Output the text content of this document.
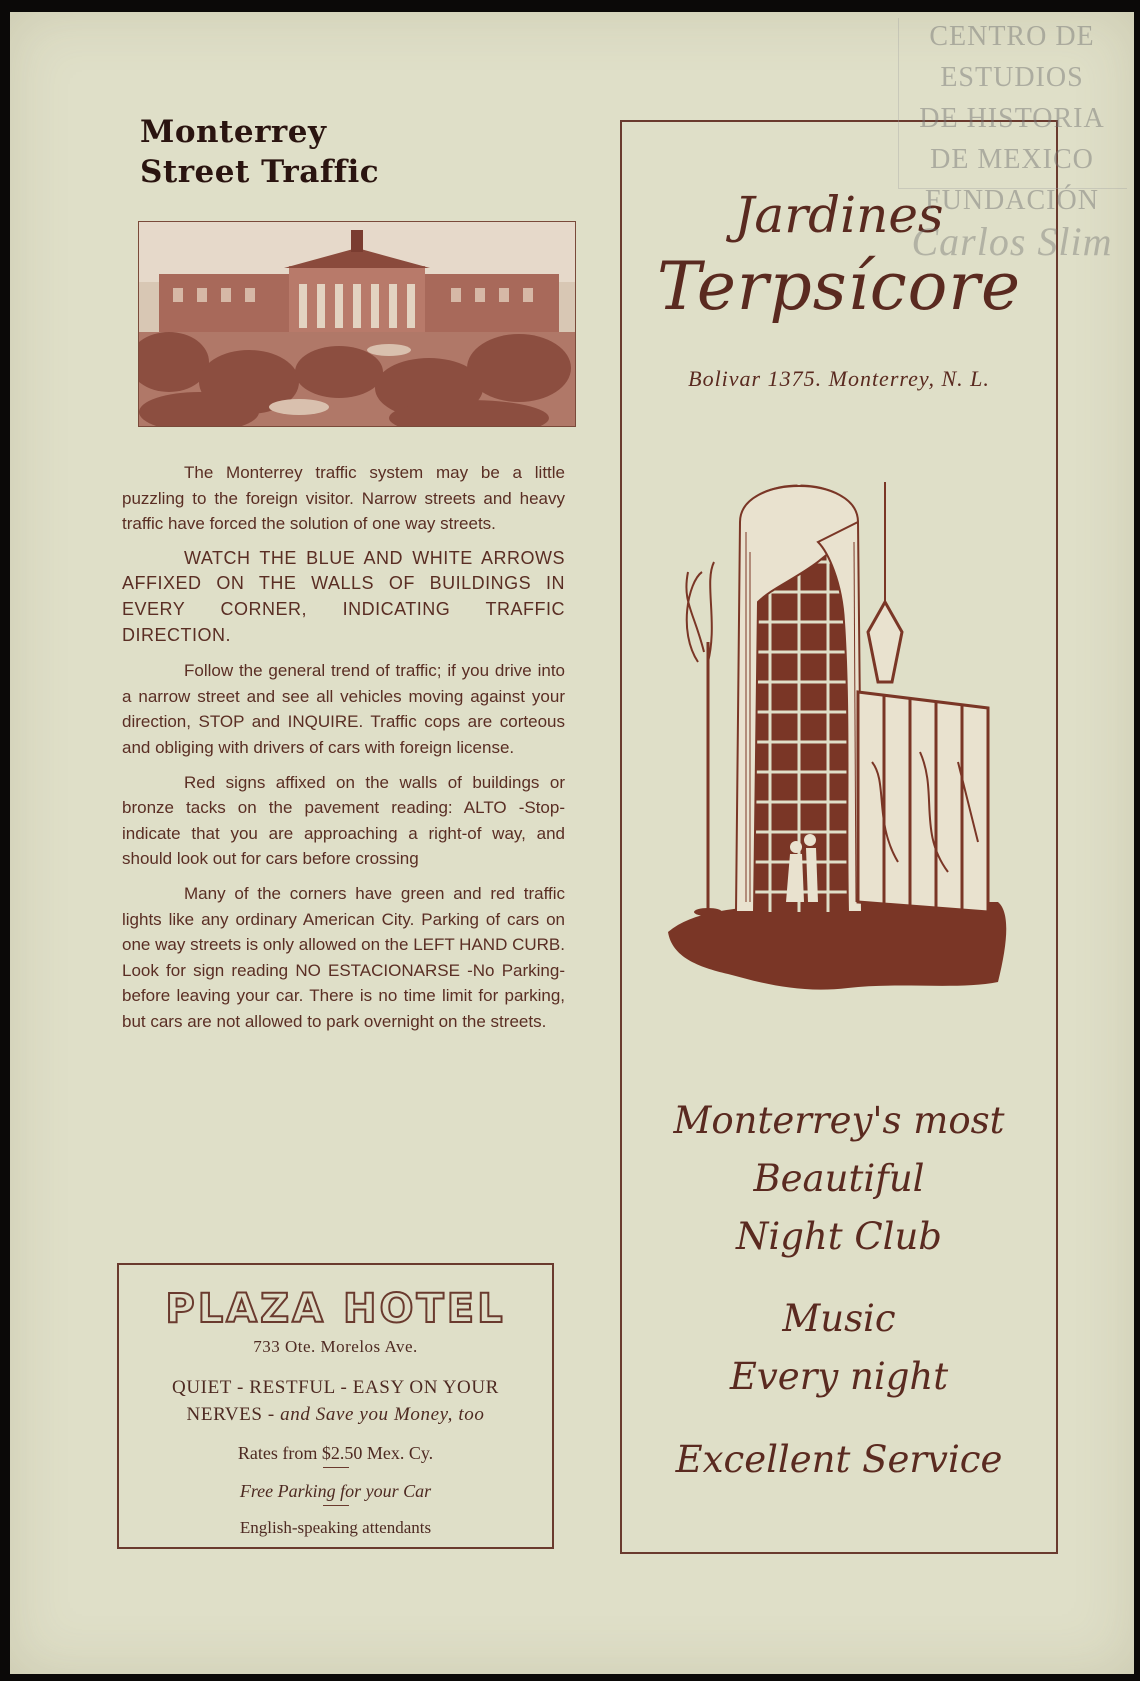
Monterrey
Street Traffic

The Monterrey traffic system may be a little puzzling to the foreign visitor. Narrow streets and heavy traffic have forced the solution of one way streets.

WATCH THE BLUE AND WHITE ARROWS AFFIXED ON THE WALLS OF BUILDINGS IN EVERY CORNER, INDICATING TRAFFIC DIRECTION.

Follow the general trend of traffic; if you drive into a narrow street and see all vehicles moving against your direction, STOP and INQUIRE. Traffic cops are corteous and obliging with drivers of cars with foreign license.

Red signs affixed on the walls of buildings or bronze tacks on the pavement reading: ALTO -Stop- indicate that you are approaching a right-of way, and should look out for cars before crossing

Many of the corners have green and red traffic lights like any ordinary American City. Parking of cars on one way streets is only allowed on the LEFT HAND CURB. Look for sign reading NO ESTACIONARSE -No Parking- before leaving your car. There is no time limit for parking, but cars are not allowed to park overnight on the streets.

PLAZA HOTEL
733 Ote. Morelos Ave.
QUIET - RESTFUL - EASY ON YOUR
NERVES - and Save you Money, too
Rates from $2.50 Mex. Cy.
Free Parking for your Car
English-speaking attendants
Jardines
Terpsícore
Bolivar 1375. Monterrey, N. L.
Monterrey's most
Beautiful
Night Club
Music
Every night
Excellent Service
CENTRO DE
ESTUDIOS
DE HISTORIA
DE MEXICO
FUNDACIÓN
Carlos Slim
